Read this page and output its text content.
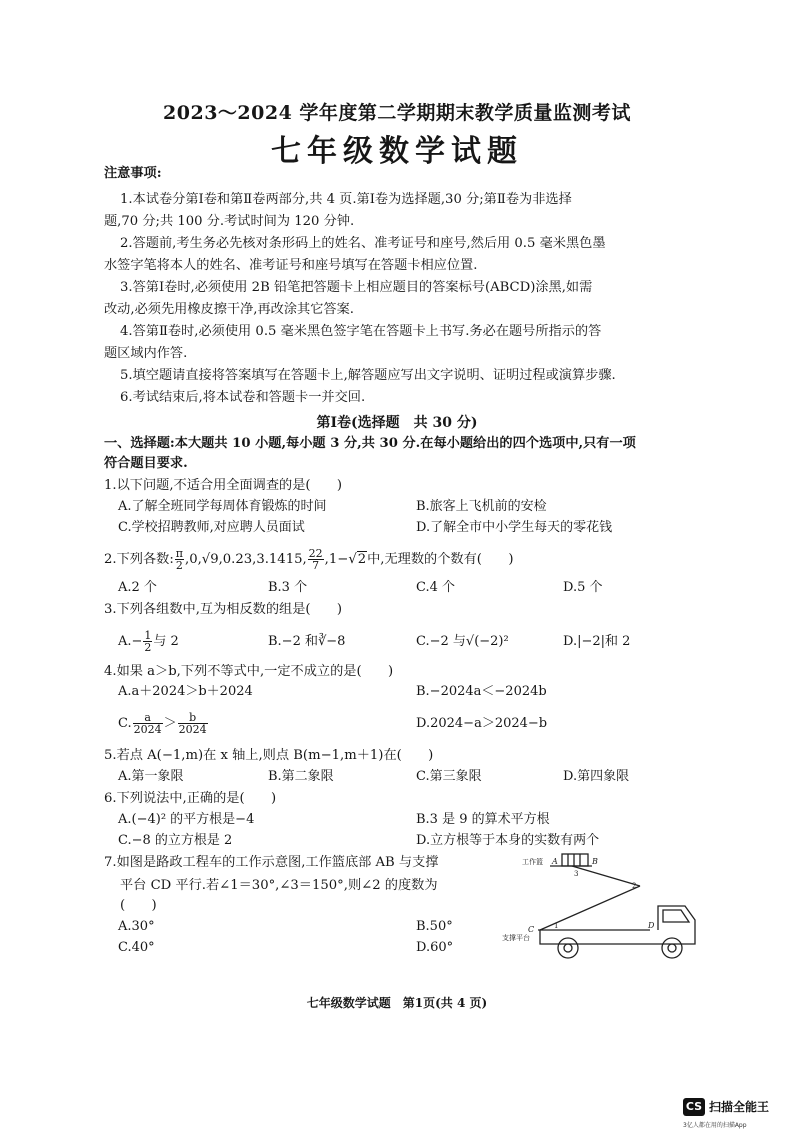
2023～2024 学年度第二学期期末教学质量监测考试
七年级数学试题
注意事项:
1.本试卷分第Ⅰ卷和第Ⅱ卷两部分,共 4 页.第Ⅰ卷为选择题,30 分;第Ⅱ卷为非选择
题,70 分;共 100 分.考试时间为 120 分钟.
2.答题前,考生务必先核对条形码上的姓名、准考证号和座号,然后用 0.5 毫米黑色墨
水签字笔将本人的姓名、准考证号和座号填写在答题卡相应位置.
3.答第Ⅰ卷时,必须使用 2B 铅笔把答题卡上相应题目的答案标号(ABCD)涂黑,如需
改动,必须先用橡皮擦干净,再改涂其它答案.
4.答第Ⅱ卷时,必须使用 0.5 毫米黑色签字笔在答题卡上书写.务必在题号所指示的答
题区域内作答.
5.填空题请直接将答案填写在答题卡上,解答题应写出文字说明、证明过程或演算步骤.
6.考试结束后,将本试卷和答题卡一并交回.
第Ⅰ卷(选择题　共 30 分)
一、选择题:本大题共 10 小题,每小题 3 分,共 30 分.在每小题给出的四个选项中,只有一项
符合题目要求.
1.以下问题,不适合用全面调查的是(　　)
A.了解全班同学每周体育锻炼的时间	B.旅客上飞机前的安检
C.学校招聘教师,对应聘人员面试	D.了解全市中小学生每天的零花钱
2.下列各数: $\frac{\pi}{2} ,0,√9,0.23,3.1415$, $\frac{22}{7} ,1-√2$中,无理数的个数有(　　)
A.2 个	B.3 个	C.4 个	D.5 个
3.下列各组数中,互为相反数的组是(　　)
$A.- \frac{1}{2}$ 与 2	B.−2 和∛−8	C.−2 与√(−2)²	D.|−2|和 2
4.如果 a＞b,下列不等式中,一定不成立的是(　　)
A.a＋2024＞b＋2024	B.−2024a＜−2024b
C. $\frac{a}{2024} > \frac{b}{2024}$	D.2024−a＞2024−b
5.若点 A(−1,m)在 x 轴上,则点 B(m−1,m＋1)在(　　)
A.第一象限	B.第二象限	C.第三象限	D.第四象限
6.下列说法中,正确的是(　　)
A.(−4)² 的平方根是−4	B.3 是 9 的算术平方根
C.−8 的立方根是 2	D.立方根等于本身的实数有两个
7.如图是路政工程车的工作示意图,工作篮底部 AB 与支撑
平台 CD 平行.若∠1＝30°,∠3＝150°,则∠2 的度数为
(　　)
A.30°	B.50°
C.40°	D.60°
工作篮
支撑平台
A	B
C	D
3
2
1
七年级数学试题　第1页(共 4 页)
CS 扫描全能王
3亿人都在用的扫描App
